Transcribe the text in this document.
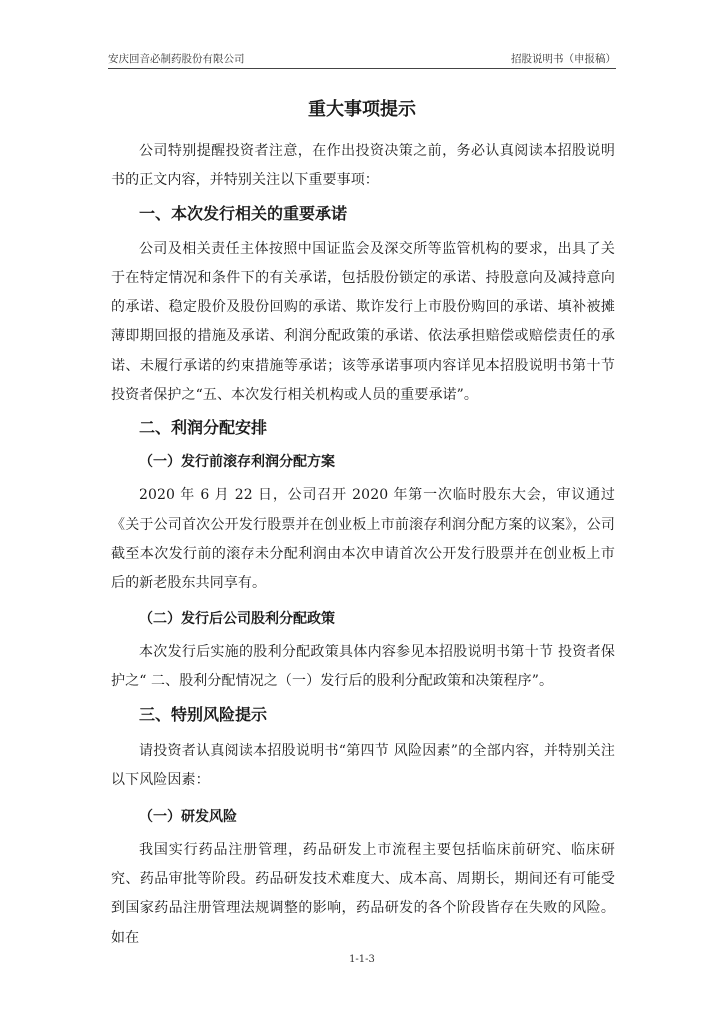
安庆回音必制药股份有限公司	招股说明书（申报稿）
重大事项提示

公司特别提醒投资者注意，在作出投资决策之前，务必认真阅读本招股说明书的正文内容，并特别关注以下重要事项：

一、本次发行相关的重要承诺

公司及相关责任主体按照中国证监会及深交所等监管机构的要求，出具了关于在特定情况和条件下的有关承诺，包括股份锁定的承诺、持股意向及减持意向的承诺、稳定股价及股份回购的承诺、欺诈发行上市股份购回的承诺、填补被摊薄即期回报的措施及承诺、利润分配政策的承诺、依法承担赔偿或赔偿责任的承诺、未履行承诺的约束措施等承诺；该等承诺事项内容详见本招股说明书第十节投资者保护之“五、本次发行相关机构或人员的重要承诺”。

二、利润分配安排
（一）发行前滚存利润分配方案

2020 年 6 月 22 日，公司召开 2020 年第一次临时股东大会，审议通过《关于公司首次公开发行股票并在创业板上市前滚存利润分配方案的议案》，公司截至本次发行前的滚存未分配利润由本次申请首次公开发行股票并在创业板上市后的新老股东共同享有。

（二）发行后公司股利分配政策

本次发行后实施的股利分配政策具体内容参见本招股说明书第十节 投资者保护之“ 二、股利分配情况之（一）发行后的股利分配政策和决策程序”。

三、特别风险提示

请投资者认真阅读本招股说明书“第四节 风险因素”的全部内容，并特别关注以下风险因素：

（一）研发风险

我国实行药品注册管理，药品研发上市流程主要包括临床前研究、临床研究、药品审批等阶段。药品研发技术难度大、成本高、周期长，期间还有可能受到国家药品注册管理法规调整的影响，药品研发的各个阶段皆存在失败的风险。如在

1-1-3
